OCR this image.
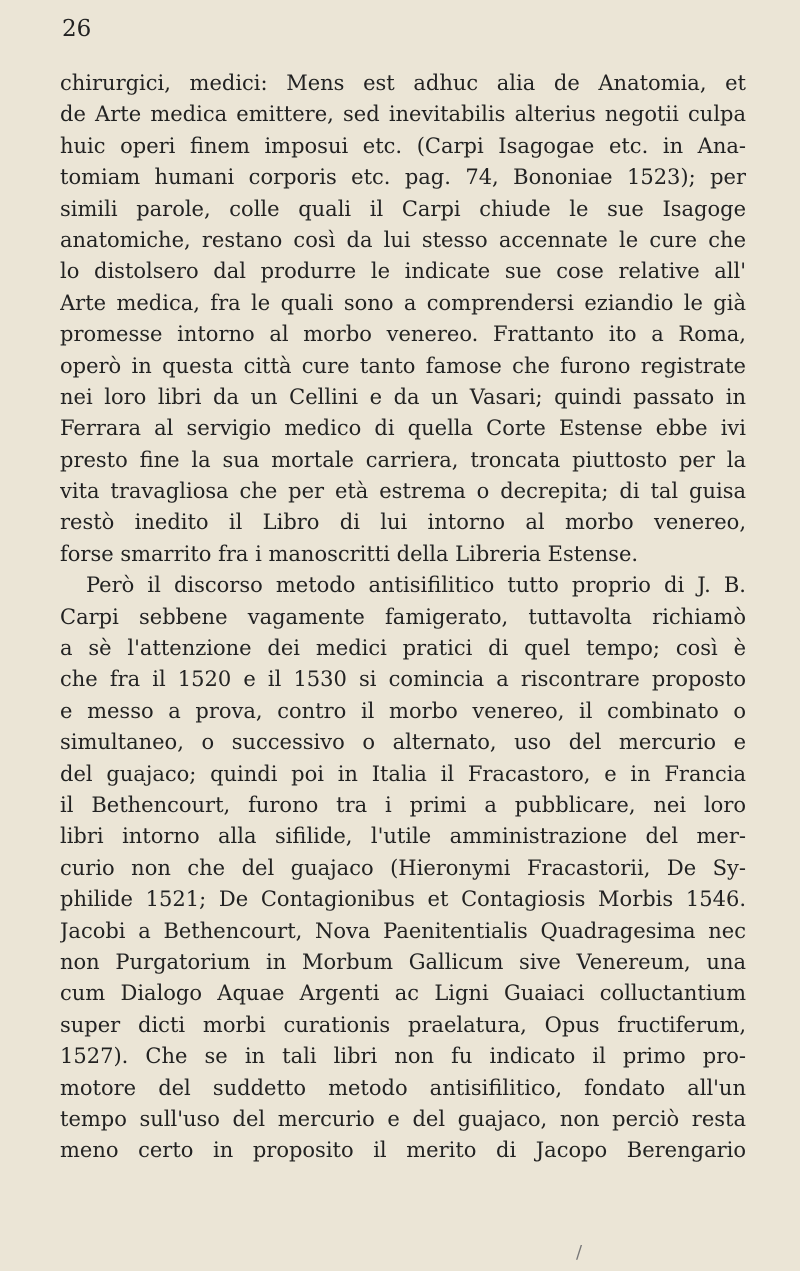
26
chirurgici, medici: Mens est adhuc alia de Anatomia, et
de Arte medica emittere, sed inevitabilis alterius negotii culpa
huic operi finem imposui etc. (Carpi Isagogae etc. in Ana-
tomiam humani corporis etc. pag. 74, Bononiae 1523); per
simili parole, colle quali il Carpi chiude le sue Isagoge
anatomiche, restano così da lui stesso accennate le cure che
lo distolsero dal produrre le indicate sue cose relative all'
Arte medica, fra le quali sono a comprendersi eziandio le già
promesse intorno al morbo venereo. Frattanto ito a Roma,
operò in questa città cure tanto famose che furono registrate
nei loro libri da un Cellini e da un Vasari; quindi passato in
Ferrara al servigio medico di quella Corte Estense ebbe ivi
presto fine la sua mortale carriera, troncata piuttosto per la
vita travagliosa che per età estrema o decrepita; di tal guisa
restò inedito il Libro di lui intorno al morbo venereo,
forse smarrito fra i manoscritti della Libreria Estense.
Però il discorso metodo antisifilitico tutto proprio di J. B.
Carpi sebbene vagamente famigerato, tuttavolta richiamò
a sè l'attenzione dei medici pratici di quel tempo; così è
che fra il 1520 e il 1530 si comincia a riscontrare proposto
e messo a prova, contro il morbo venereo, il combinato o
simultaneo, o successivo o alternato, uso del mercurio e
del guajaco; quindi poi in Italia il Fracastoro, e in Francia
il Bethencourt, furono tra i primi a pubblicare, nei loro
libri intorno alla sifilide, l'utile amministrazione del mer-
curio non che del guajaco (Hieronymi Fracastorii, De Sy-
philide 1521; De Contagionibus et Contagiosis Morbis 1546.
Jacobi a Bethencourt, Nova Paenitentialis Quadragesima nec
non Purgatorium in Morbum Gallicum sive Venereum, una
cum Dialogo Aquae Argenti ac Ligni Guaiaci colluctantium
super dicti morbi curationis praelatura, Opus fructiferum,
1527). Che se in tali libri non fu indicato il primo pro-
motore del suddetto metodo antisifilitico, fondato all'un
tempo sull'uso del mercurio e del guajaco, non perciò resta
meno certo in proposito il merito di Jacopo Berengario
/
